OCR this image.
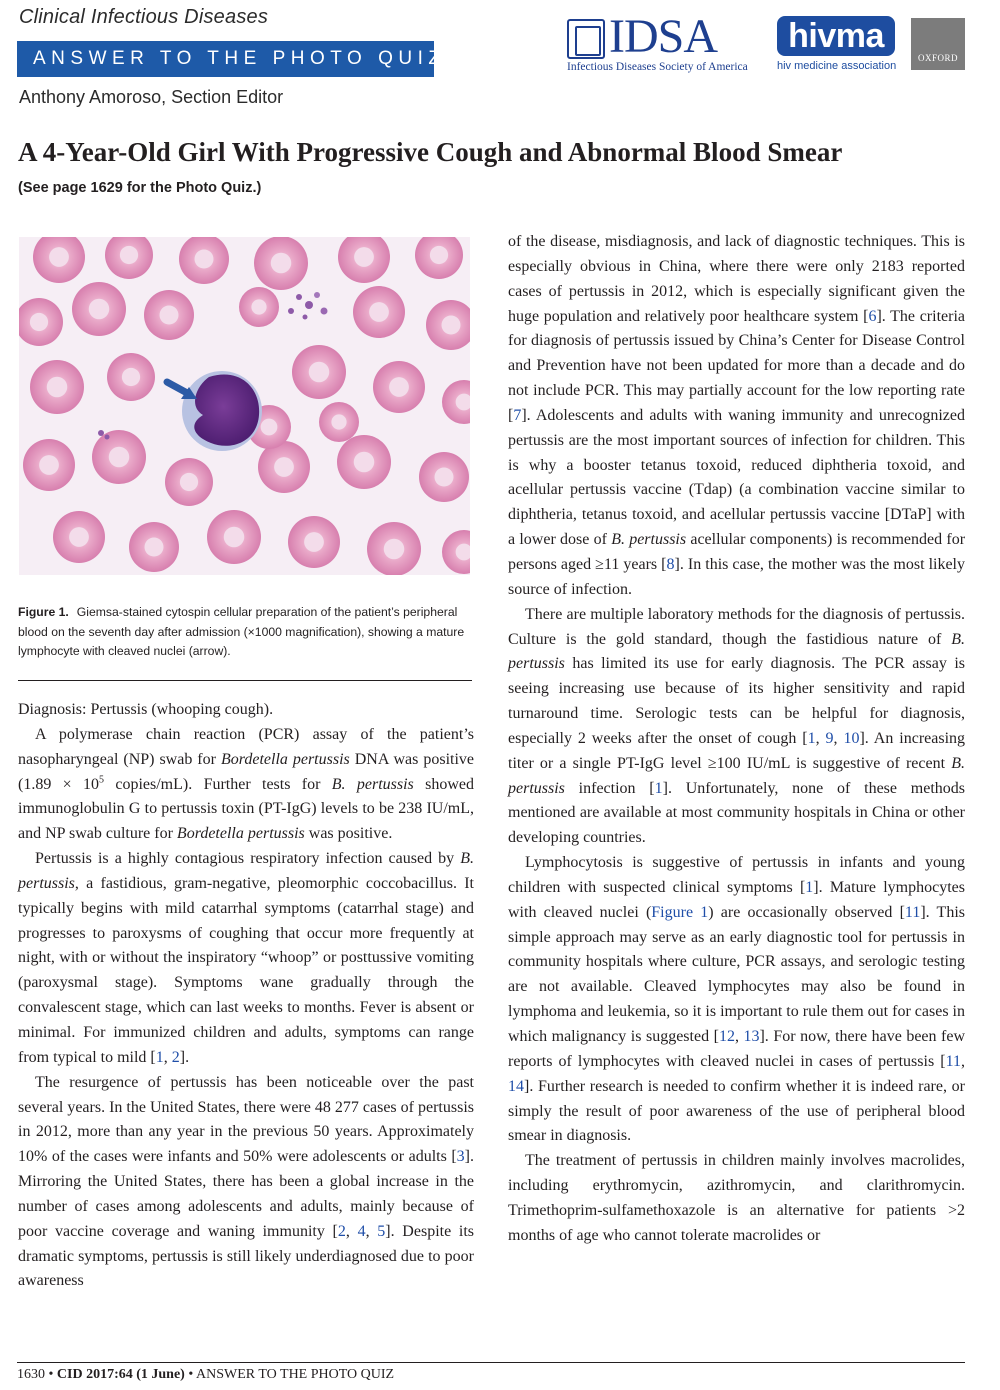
Clinical Infectious Diseases
ANSWER TO THE PHOTO QUIZ
Anthony Amoroso, Section Editor
IDSA
Infectious Diseases Society of America
hivma
hiv medicine association
OXFORD
A 4-Year-Old Girl With Progressive Cough and Abnormal Blood Smear
(See page 1629 for the Photo Quiz.)
Figure 1. Giemsa-stained cytospin cellular preparation of the patient’s peripheral blood on the seventh day after admission (×1000 magnification), showing a mature lymphocyte with cleaved nuclei (arrow).

Diagnosis: Pertussis (whooping cough).

A polymerase chain reaction (PCR) assay of the patient’s nasopharyngeal (NP) swab for Bordetella pertussis DNA was positive ($1.89 \times 10^5$ copies/mL). Further tests for B. pertussis showed immunoglobulin G to pertussis toxin (PT-IgG) levels to be 238 IU/mL, and NP swab culture for Bordetella pertussis was positive.

Pertussis is a highly contagious respiratory infection caused by B. pertussis, a fastidious, gram-negative, pleomorphic coccobacillus. It typically begins with mild catarrhal symptoms (catarrhal stage) and progresses to paroxysms of coughing that occur more frequently at night, with or without the inspiratory “whoop” or posttussive vomiting (paroxysmal stage). Symptoms wane gradually through the convalescent stage, which can last weeks to months. Fever is absent or minimal. For immunized children and adults, symptoms can range from typical to mild [1, 2].

The resurgence of pertussis has been noticeable over the past several years. In the United States, there were 48 277 cases of pertussis in 2012, more than any year in the previous 50 years. Approximately 10% of the cases were infants and 50% were adolescents or adults [3]. Mirroring the United States, there has been a global increase in the number of cases among adolescents and adults, mainly because of poor vaccine coverage and waning immunity [2, 4, 5]. Despite its dramatic symptoms, pertussis is still likely underdiagnosed due to poor awareness

of the disease, misdiagnosis, and lack of diagnostic techniques. This is especially obvious in China, where there were only 2183 reported cases of pertussis in 2012, which is especially significant given the huge population and relatively poor healthcare system [6]. The criteria for diagnosis of pertussis issued by China’s Center for Disease Control and Prevention have not been updated for more than a decade and do not include PCR. This may partially account for the low reporting rate [7]. Adolescents and adults with waning immunity and unrecognized pertussis are the most important sources of infection for children. This is why a booster tetanus toxoid, reduced diphtheria toxoid, and acellular pertussis vaccine (Tdap) (a combination vaccine similar to diphtheria, tetanus toxoid, and acellular pertussis vaccine [DTaP] with a lower dose of B. pertussis acellular components) is recommended for persons aged ≥11 years [8]. In this case, the mother was the most likely source of infection.

There are multiple laboratory methods for the diagnosis of pertussis. Culture is the gold standard, though the fastidious nature of B. pertussis has limited its use for early diagnosis. The PCR assay is seeing increasing use because of its higher sensitivity and rapid turnaround time. Serologic tests can be helpful for diagnosis, especially 2 weeks after the onset of cough [1, 9, 10]. An increasing titer or a single PT-IgG level ≥100 IU/mL is suggestive of recent B. pertussis infection [1]. Unfortunately, none of these methods mentioned are available at most community hospitals in China or other developing countries.

Lymphocytosis is suggestive of pertussis in infants and young children with suspected clinical symptoms [1]. Mature lymphocytes with cleaved nuclei (Figure 1) are occasionally observed [11]. This simple approach may serve as an early diagnostic tool for pertussis in community hospitals where culture, PCR assays, and serologic testing are not available. Cleaved lymphocytes may also be found in lymphoma and leukemia, so it is important to rule them out for cases in which malignancy is suggested [12, 13]. For now, there have been few reports of lymphocytes with cleaved nuclei in cases of pertussis [11, 14]. Further research is needed to confirm whether it is indeed rare, or simply the result of poor awareness of the use of peripheral blood smear in diagnosis.

The treatment of pertussis in children mainly involves macrolides, including erythromycin, azithromycin, and clarithromycin. Trimethoprim-sulfamethoxazole is an alternative for patients >2 months of age who cannot tolerate macrolides or

1630 • CID 2017:64 (1 June) • ANSWER TO THE PHOTO QUIZ
